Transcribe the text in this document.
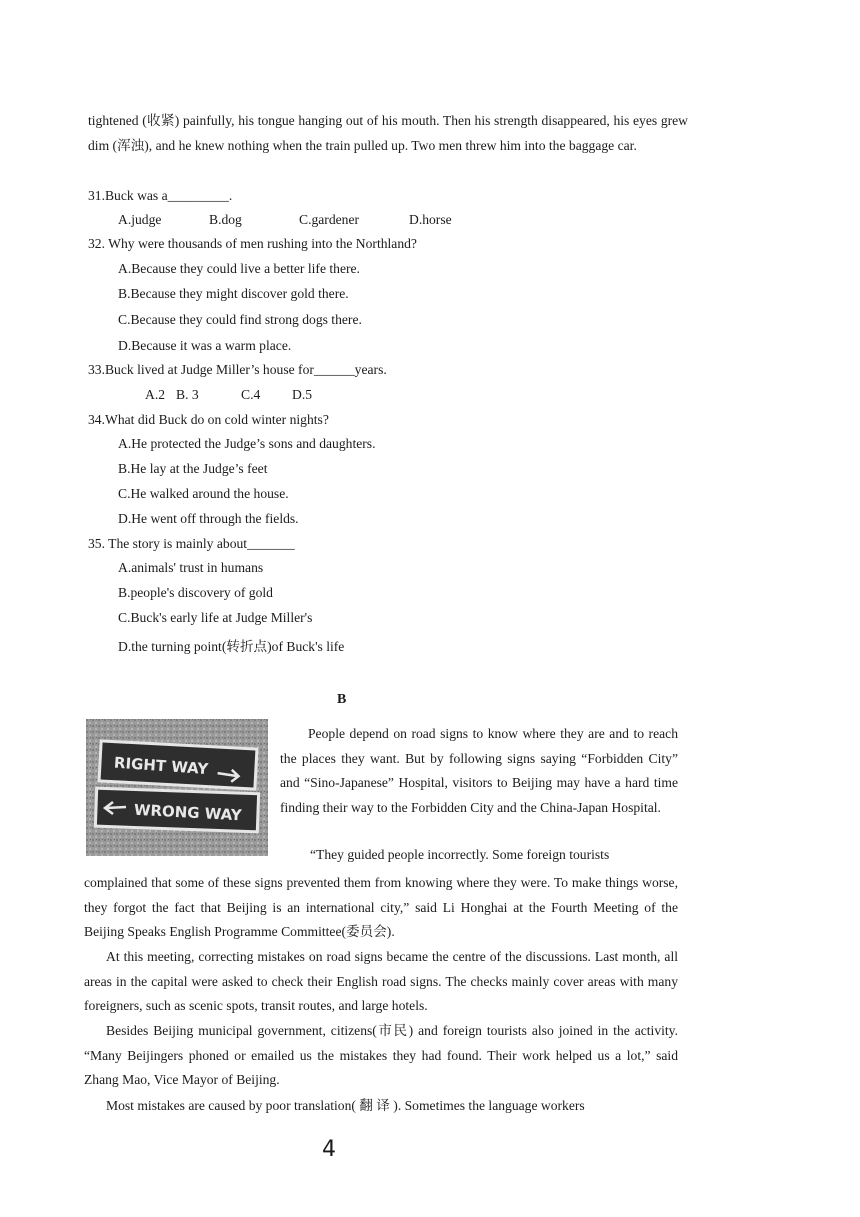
tightened (收紧) painfully, his tongue hanging out of his mouth. Then his strength disappeared, his eyes grew dim (浑浊), and he knew nothing when the train pulled up. Two men threw him into the baggage car.
31.Buck was a_________.
A.judge	B.dog	C.gardener	D.horse
32. Why were thousands of men rushing into the Northland?
A.Because they could live a better life there.
B.Because they might discover gold there.
C.Because they could find strong dogs there.
D.Because it was a warm place.
33.Buck lived at Judge Miller’s house for______years.
A.2 B. 3	C.4 D.5
34.What did Buck do on cold winter nights?
A.He protected the Judge’s sons and daughters.
B.He lay at the Judge’s feet
C.He walked around the house.
D.He went off through the fields.
35. The story is mainly about_______
A.animals' trust in humans
B.people's discovery of gold
C.Buck's early life at Judge Miller's
D.the turning point(转折点)of Buck's life
B
RIGHT WAY
WRONG WAY
People depend on road signs to know where they are and to reach the places they want. But by following signs saying “Forbidden City” and “Sino-Japanese” Hospital, visitors to Beijing may have a hard time finding their way to the Forbidden City and the China-Japan Hospital.
“They guided people incorrectly. Some foreign tourists
complained that some of these signs prevented them from knowing where they were. To make things worse, they forgot the fact that Beijing is an international city,” said Li Honghai at the Fourth Meeting of the Beijing Speaks English Programme Committee(委员会).
At this meeting, correcting mistakes on road signs became the centre of the discussions. Last month, all areas in the capital were asked to check their English road signs. The checks mainly cover areas with many foreigners, such as scenic spots, transit routes, and large hotels.
Besides Beijing municipal government, citizens(市民) and foreign tourists also joined in the activity. “Many Beijingers phoned or emailed us the mistakes they had found. Their work helped us a lot,” said Zhang Mao, Vice Mayor of Beijing.
Most mistakes are caused by poor translation( 翻 译 ). Sometimes the language workers
4
